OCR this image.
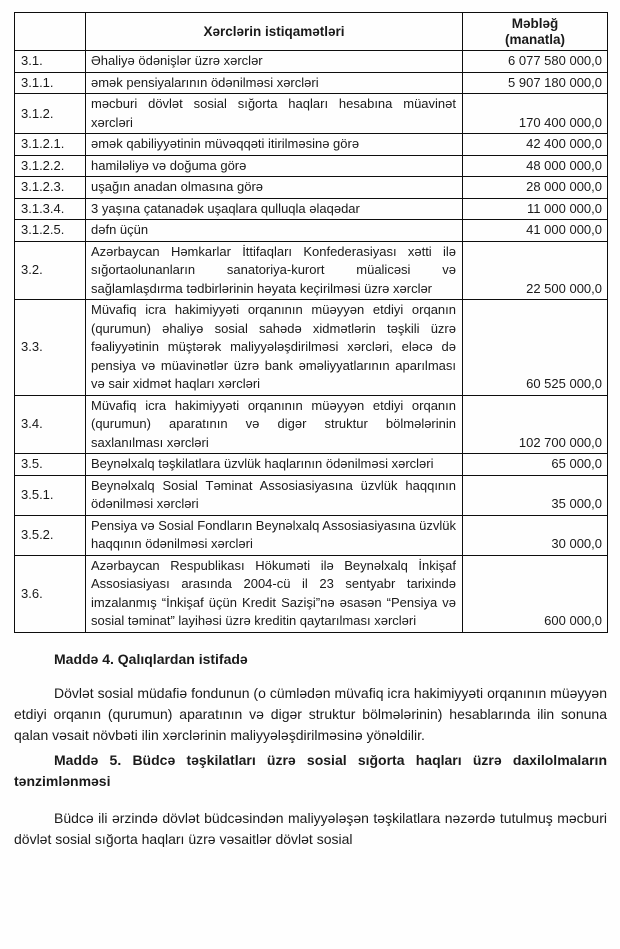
	Xərclərin istiqamətləri	Məbləğ
(manatla)
3.1.	Əhaliyə ödənişlər üzrə xərclər	6 077 580 000,0
3.1.1.	əmək pensiyalarının ödənilməsi xərcləri	5 907 180 000,0
3.1.2.	məcburi dövlət sosial sığorta haqları hesabına müavinət xərcləri	170 400 000,0
3.1.2.1.	əmək qabiliyyətinin müvəqqəti itirilməsinə görə	42 400 000,0
3.1.2.2.	hamiləliyə və doğuma görə	48 000 000,0
3.1.2.3.	uşağın anadan olmasına görə	28 000 000,0
3.1.3.4.	3 yaşına çatanadək uşaqlara qulluqla əlaqədar	11 000 000,0
3.1.2.5.	dəfn üçün	41 000 000,0
3.2.	Azərbaycan Həmkarlar İttifaqları Konfederasiyası xətti ilə sığortaolunanların sanatoriya-kurort müalicəsi və sağlamlaşdırma tədbirlərinin həyata keçirilməsi üzrə xərclər	22 500 000,0
3.3.	Müvafiq icra hakimiyyəti orqanının müəyyən etdiyi orqanın (qurumun) əhaliyə sosial sahədə xidmətlərin təşkili üzrə fəaliyyətinin müştərək maliyyələşdirilməsi xərcləri, eləcə də pensiya və müavinətlər üzrə bank əməliyyatlarının aparılması və sair xidmət haqları xərcləri	60 525 000,0
3.4.	Müvafiq icra hakimiyyəti orqanının müəyyən etdiyi orqanın (qurumun) aparatının və digər struktur bölmələrinin saxlanılması xərcləri	102 700 000,0
3.5.	Beynəlxalq təşkilatlara üzvlük haqlarının ödənilməsi xərcləri	65 000,0
3.5.1.	Beynəlxalq Sosial Təminat Assosiasiyasına üzvlük haqqının ödənilməsi xərcləri	35 000,0
3.5.2.	Pensiya və Sosial Fondların Beynəlxalq Assosiasiyasına üzvlük haqqının ödənilməsi xərcləri	30 000,0
3.6.	Azərbaycan Respublikası Hökuməti ilə Beynəlxalq İnkişaf Assosiasiyası arasında 2004-cü il 23 sentyabr tarixində imzalanmış “İnkişaf üçün Kredit Sazişi”nə əsasən “Pensiya və sosial təminat” layihəsi üzrə kreditin qaytarılması xərcləri	600 000,0

Maddə 4. Qalıqlardan istifadə

Dövlət sosial müdafiə fondunun (o cümlədən müvafiq icra hakimiyyəti orqanının müəyyən etdiyi orqanın (qurumun) aparatının və digər struktur bölmələrinin) hesablarında ilin sonuna qalan vəsait növbəti ilin xərclərinin maliyyələşdirilməsinə yönəldilir.

Maddə 5. Büdcə təşkilatları üzrə sosial sığorta haqları üzrə daxilolmaların tənzimlənməsi

Büdcə ili ərzində dövlət büdcəsindən maliyyələşən təşkilatlara nəzərdə tutulmuş məcburi dövlət sosial sığorta haqları üzrə vəsaitlər dövlət sosial
